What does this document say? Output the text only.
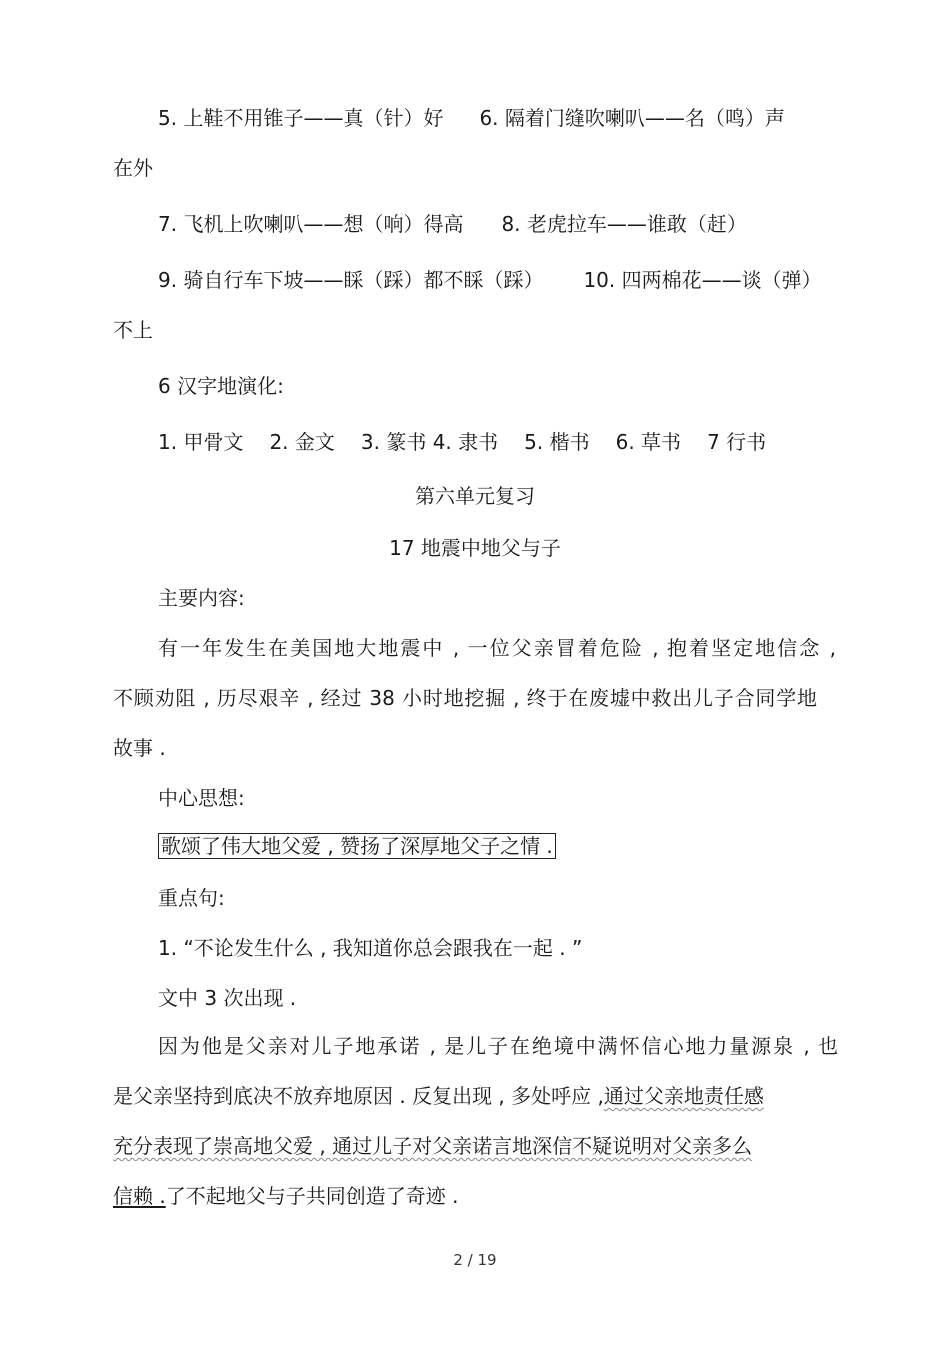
5. 上鞋不用锥子——真（针）好 6. 隔着门缝吹喇叭——名（鸣）声
在外
7. 飞机上吹喇叭——想（响）得高 8. 老虎拉车——谁敢（赶）
9. 骑自行车下坡——睬（踩）都不睬（踩） 10. 四两棉花——谈（弹）
不上
6 汉字地演化:
1. 甲骨文 2. 金文 3. 篆书 4. 隶书 5. 楷书 6. 草书 7 行书
第六单元复习
17 地震中地父与子
主要内容:
有一年发生在美国地大地震中 , 一位父亲冒着危险 , 抱着坚定地信念 ,
不顾劝阻 , 历尽艰辛 , 经过 38 小时地挖掘 , 终于在废墟中救出儿子合同学地
故事 .
中心思想:
歌颂了伟大地父爱 , 赞扬了深厚地父子之情 .
重点句:
1. “不论发生什么 , 我知道你总会跟我在一起 . ”
文中 3 次出现 .
因为他是父亲对儿子地承诺 , 是儿子在绝境中满怀信心地力量源泉 , 也
是父亲坚持到底决不放弃地原因 . 反复出现 , 多处呼应 ,通过父亲地责任感
充分表现了崇高地父爱 , 通过儿子对父亲诺言地深信不疑说明对父亲多么
信赖 .了不起地父与子共同创造了奇迹 .
2 / 19
